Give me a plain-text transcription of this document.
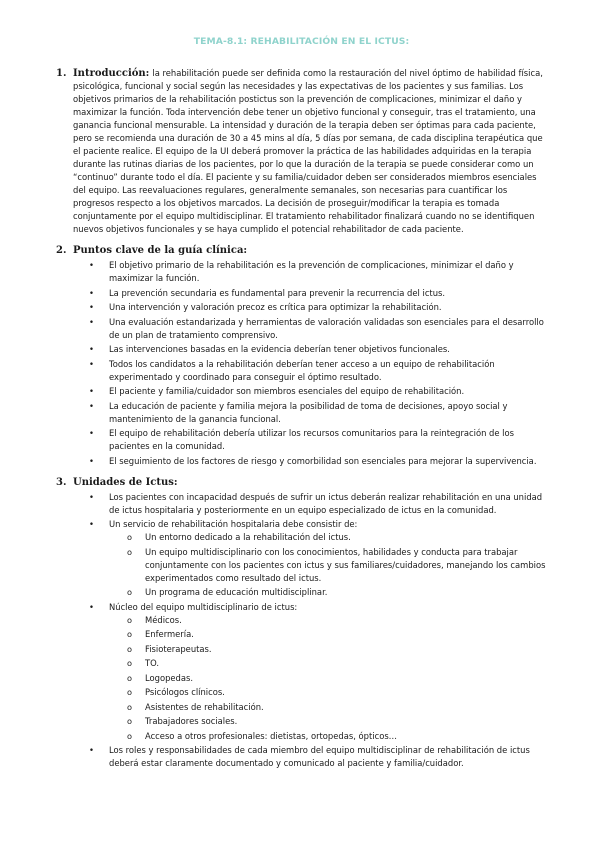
TEMA-8.1: REHABILITACIÓN EN EL ICTUS:
1. Introducción: la rehabilitación puede ser definida como la restauración del nivel óptimo de habilidad física, psicológica, funcional y social según las necesidades y las expectativas de los pacientes y sus familias. Los objetivos primarios de la rehabilitación postictus son la prevención de complicaciones, minimizar el daño y maximizar la función. Toda intervención debe tener un objetivo funcional y conseguir, tras el tratamiento, una ganancia funcional mensurable. La intensidad y duración de la terapia deben ser óptimas para cada paciente, pero se recomienda una duración de 30 a 45 mins al día, 5 días por semana, de cada disciplina terapéutica que el paciente realice. El equipo de la UI deberá promover la práctica de las habilidades adquiridas en la terapia durante las rutinas diarias de los pacientes, por lo que la duración de la terapia se puede considerar como un “continuo” durante todo el día. El paciente y su familia/cuidador deben ser considerados miembros esenciales del equipo. Las reevaluaciones regulares, generalmente semanales, son necesarias para cuantificar los progresos respecto a los objetivos marcados. La decisión de proseguir/modificar la terapia es tomada conjuntamente por el equipo multidisciplinar. El tratamiento rehabilitador finalizará cuando no se identifiquen nuevos objetivos funcionales y se haya cumplido el potencial rehabilitador de cada paciente.
2. Puntos clave de la guía clínica:
• El objetivo primario de la rehabilitación es la prevención de complicaciones, minimizar el daño y maximizar la función.
• La prevención secundaria es fundamental para prevenir la recurrencia del ictus.
• Una intervención y valoración precoz es crítica para optimizar la rehabilitación.
• Una evaluación estandarizada y herramientas de valoración validadas son esenciales para el desarrollo de un plan de tratamiento comprensivo.
• Las intervenciones basadas en la evidencia deberían tener objetivos funcionales.
• Todos los candidatos a la rehabilitación deberían tener acceso a un equipo de rehabilitación experimentado y coordinado para conseguir el óptimo resultado.
• El paciente y familia/cuidador son miembros esenciales del equipo de rehabilitación.
• La educación de paciente y familia mejora la posibilidad de toma de decisiones, apoyo social y mantenimiento de la ganancia funcional.
• El equipo de rehabilitación debería utilizar los recursos comunitarios para la reintegración de los pacientes en la comunidad.
• El seguimiento de los factores de riesgo y comorbilidad son esenciales para mejorar la supervivencia.
3. Unidades de Ictus:
• Los pacientes con incapacidad después de sufrir un ictus deberán realizar rehabilitación en una unidad de ictus hospitalaria y posteriormente en un equipo especializado de ictus en la comunidad.
• Un servicio de rehabilitación hospitalaria debe consistir de:
o Un entorno dedicado a la rehabilitación del ictus.
o Un equipo multidisciplinario con los conocimientos, habilidades y conducta para trabajar conjuntamente con los pacientes con ictus y sus familiares/cuidadores, manejando los cambios experimentados como resultado del ictus.
o Un programa de educación multidisciplinar.
• Núcleo del equipo multidisciplinario de ictus:
o Médicos.
o Enfermería.
o Fisioterapeutas.
o TO.
o Logopedas.
o Psicólogos clínicos.
o Asistentes de rehabilitación.
o Trabajadores sociales.
o Acceso a otros profesionales: dietistas, ortopedas, ópticos…
• Los roles y responsabilidades de cada miembro del equipo multidisciplinar de rehabilitación de ictus deberá estar claramente documentado y comunicado al paciente y familia/cuidador.
